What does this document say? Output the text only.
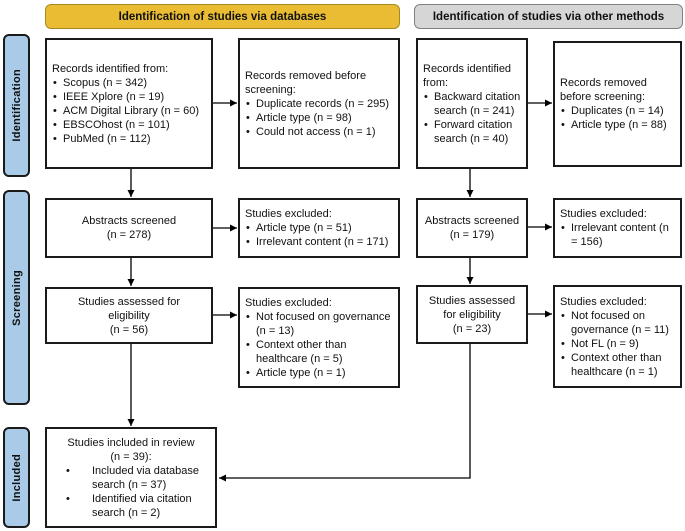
Identification of studies via databases	Identification of studies via other methods
Identification
Screening
Included

Records identified from:

• Scopus (n = 342)
• IEEE Xplore (n = 19)
• ACM Digital Library (n = 60)
• EBSCOhost (n = 101)
• PubMed (n = 112)

Records removed before screening:

• Duplicate records (n = 295)
• Article type (n = 98)
• Could not access (n = 1)

Records identified from:

• Backward citation search (n = 241)
• Forward citation search (n = 40)

Records removed before screening:

• Duplicates (n = 14)
• Article type (n = 88)
Abstracts screened
(n = 278)

Studies excluded:

• Article type (n = 51)
• Irrelevant content (n = 171)
Abstracts screened
(n = 179)

Studies excluded:

• Irrelevant content (n = 156)
Studies assessed for
eligibility
(n = 56)

Studies excluded:

• Not focused on governance (n = 13)
• Context other than healthcare (n = 5)
• Article type (n = 1)
Studies assessed
for eligibility
(n = 23)

Studies excluded:

• Not focused on governance (n = 11)
• Not FL (n = 9)
• Context other than healthcare (n = 1)
Studies included in review
(n = 39):
• Included via database search (n = 37)
• Identified via citation search (n = 2)
